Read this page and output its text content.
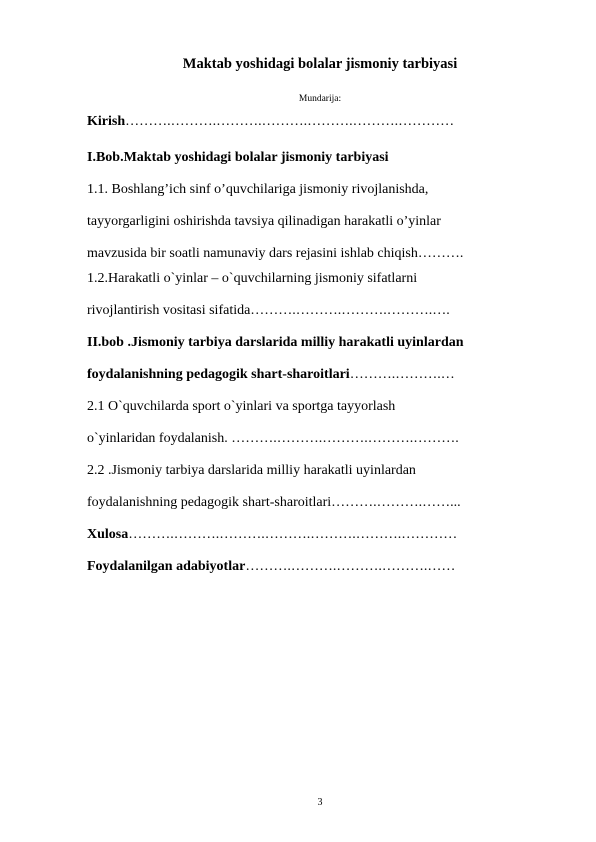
Maktab yoshidagi bolalar jismoniy tarbiyasi
Mundarija:
Kirish……….……….……….……….……….……….…………
I.Bob.Maktab yoshidagi bolalar jismoniy tarbiyasi
1.1. Boshlang’ich sinf o’quvchilariga jismoniy rivojlanishda,
tayyorgarligini oshirishda tavsiya qilinadigan harakatli o’yinlar
mavzusida bir soatli namunaviy dars rejasini ishlab chiqish……….
1.2.Harakatli o`yinlar – o`quvchilarning jismoniy sifatlarni
rivojlantirish vositasi sifatida……….……….……….……….….
II.bob .Jismoniy tarbiya darslarida milliy harakatli uyinlardan
foydalanishning pedagogik shart-sharoitlari……….……….…
2.1 O`quvchilarda sport o`yinlari va sportga tayyorlash
o`yinlaridan foydalanish. ……….……….……….……….……….
2.2 .Jismoniy tarbiya darslarida milliy harakatli uyinlardan
foydalanishning pedagogik shart-sharoitlari……….……….……...
Xulosa……….……….……….……….……….……….…………
Foydalanilgan adabiyotlar……….……….……….……….……
3
